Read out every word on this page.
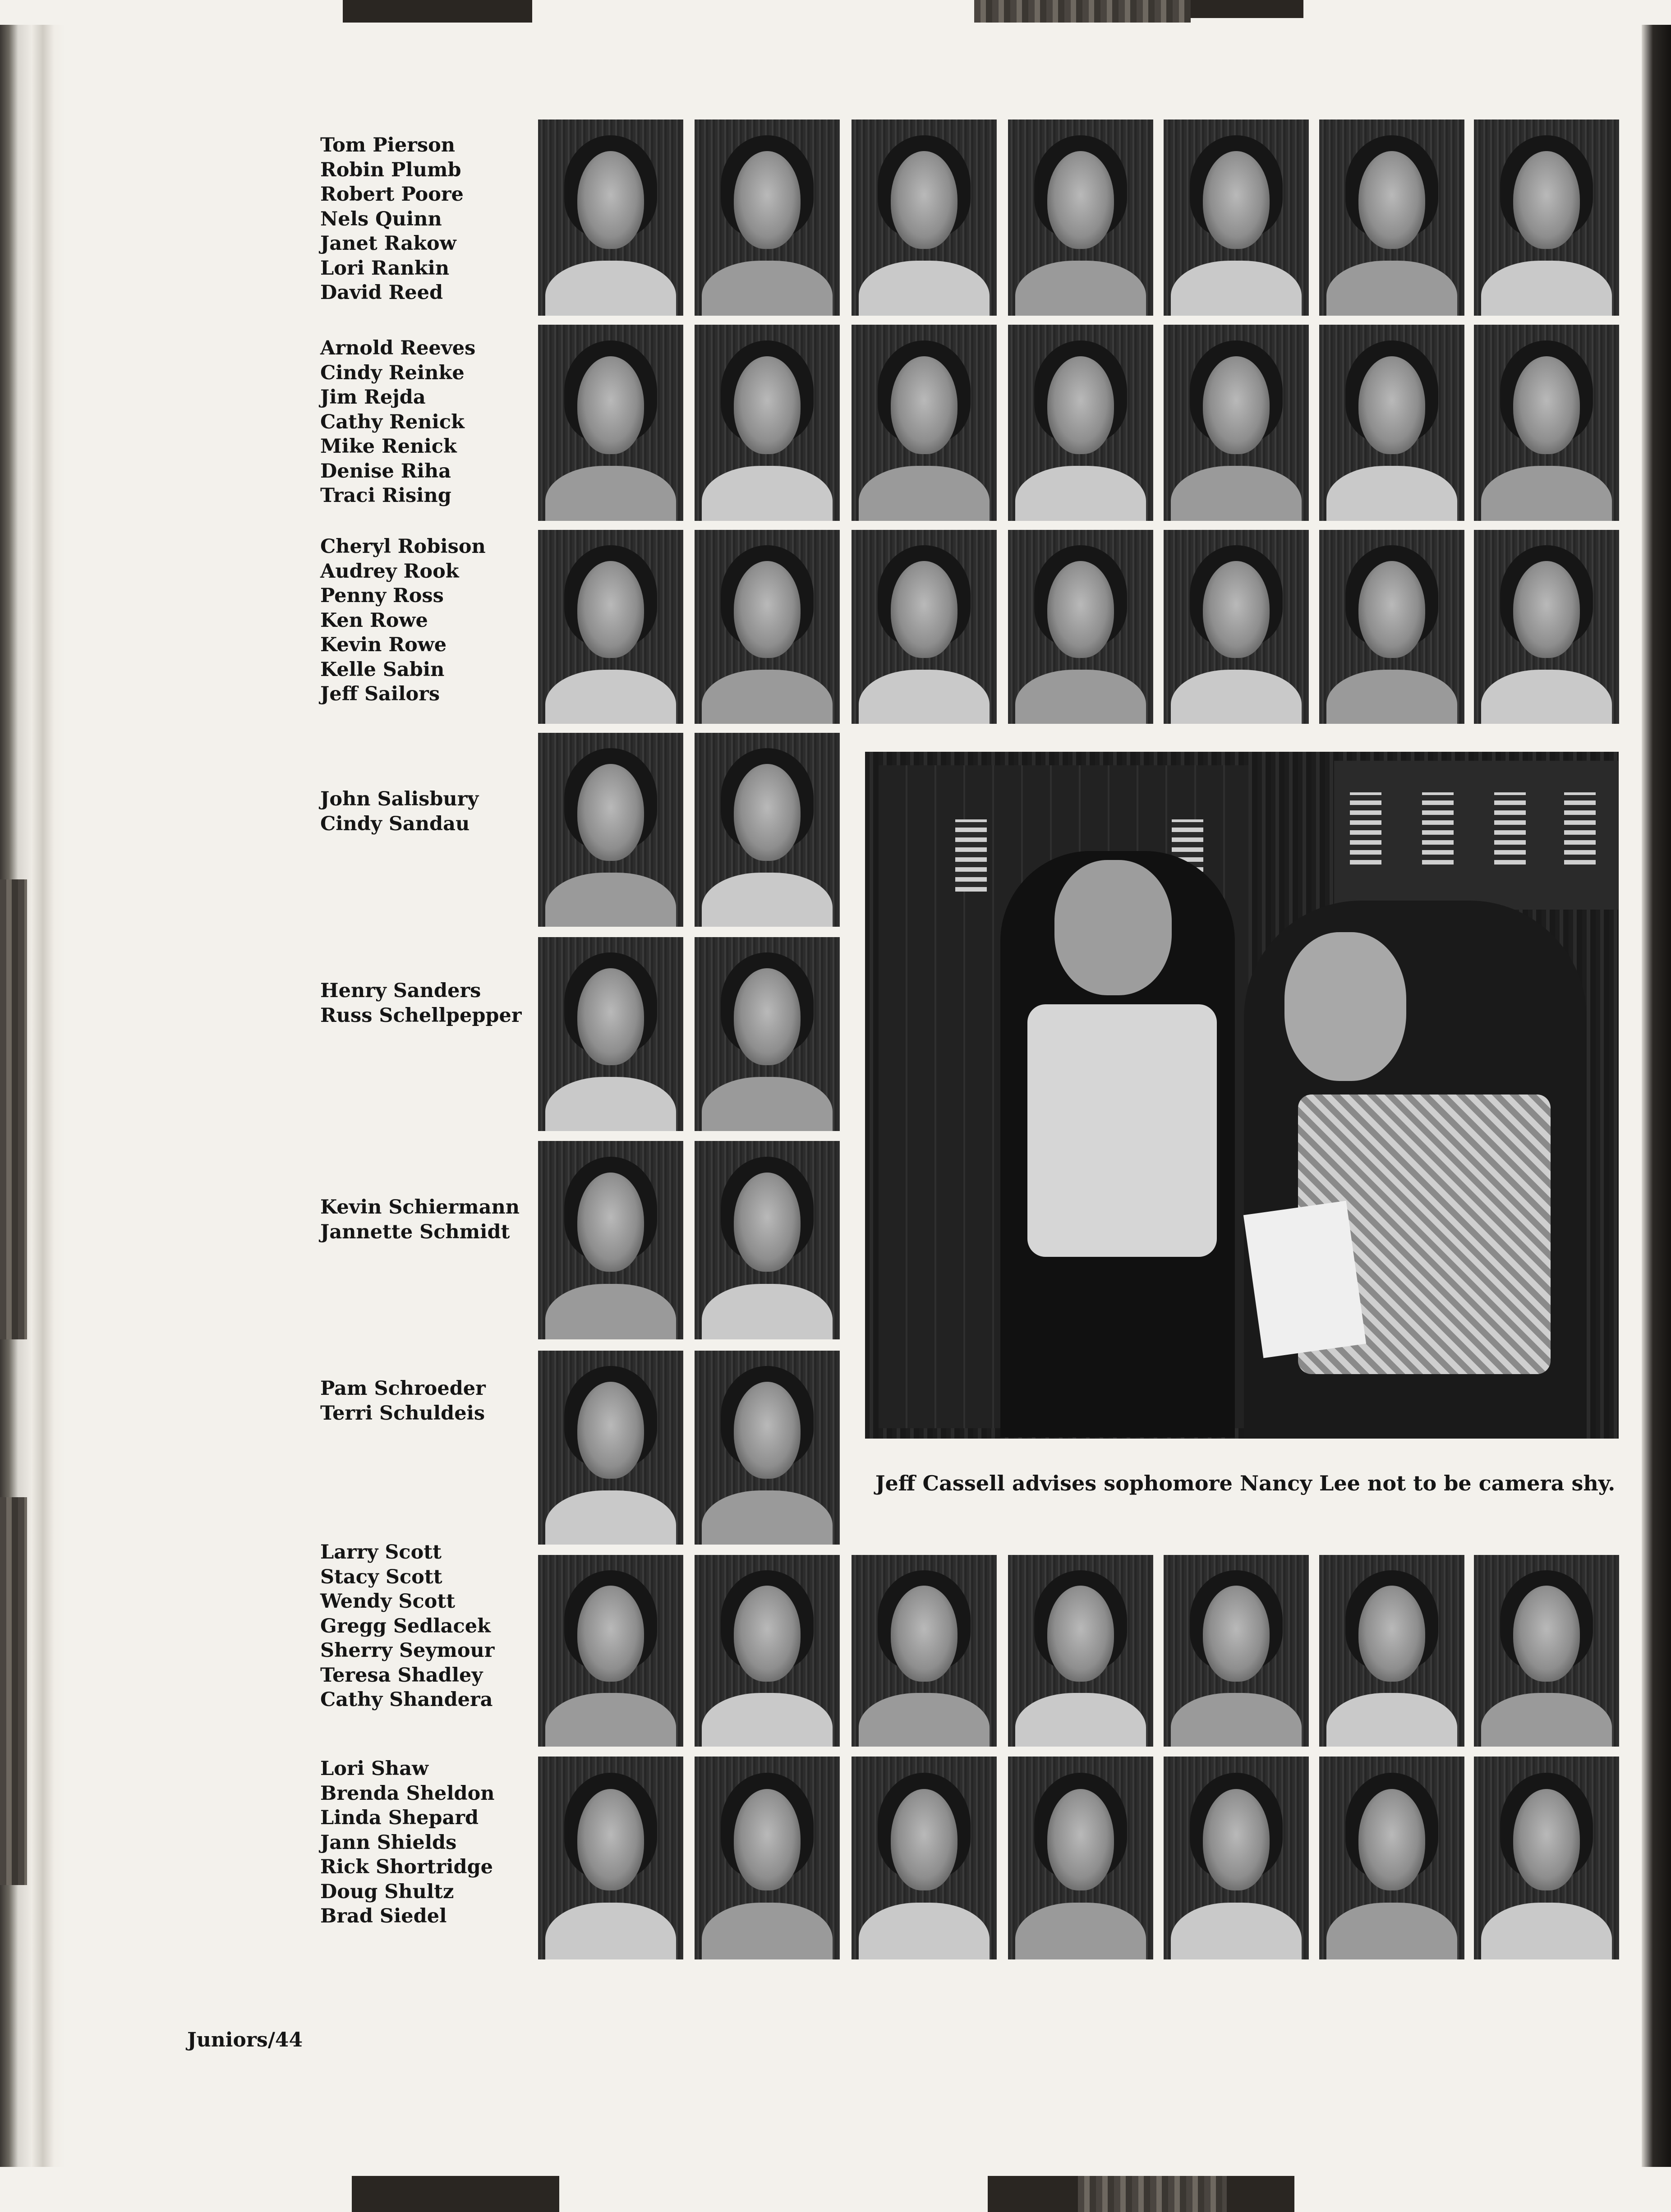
Tom Pierson
Robin Plumb
Robert Poore
Nels Quinn
Janet Rakow
Lori Rankin
David Reed
Arnold Reeves
Cindy Reinke
Jim Rejda
Cathy Renick
Mike Renick
Denise Riha
Traci Rising
Cheryl Robison
Audrey Rook
Penny Ross
Ken Rowe
Kevin Rowe
Kelle Sabin
Jeff Sailors
John Salisbury
Cindy Sandau
Henry Sanders
Russ Schellpepper
Kevin Schiermann
Jannette Schmidt
Pam Schroeder
Terri Schuldeis
Larry Scott
Stacy Scott
Wendy Scott
Gregg Sedlacek
Sherry Seymour
Teresa Shadley
Cathy Shandera
Lori Shaw
Brenda Sheldon
Linda Shepard
Jann Shields
Rick Shortridge
Doug Shultz
Brad Siedel
Jeff Cassell advises sophomore Nancy Lee not to be camera shy.
Juniors/44
